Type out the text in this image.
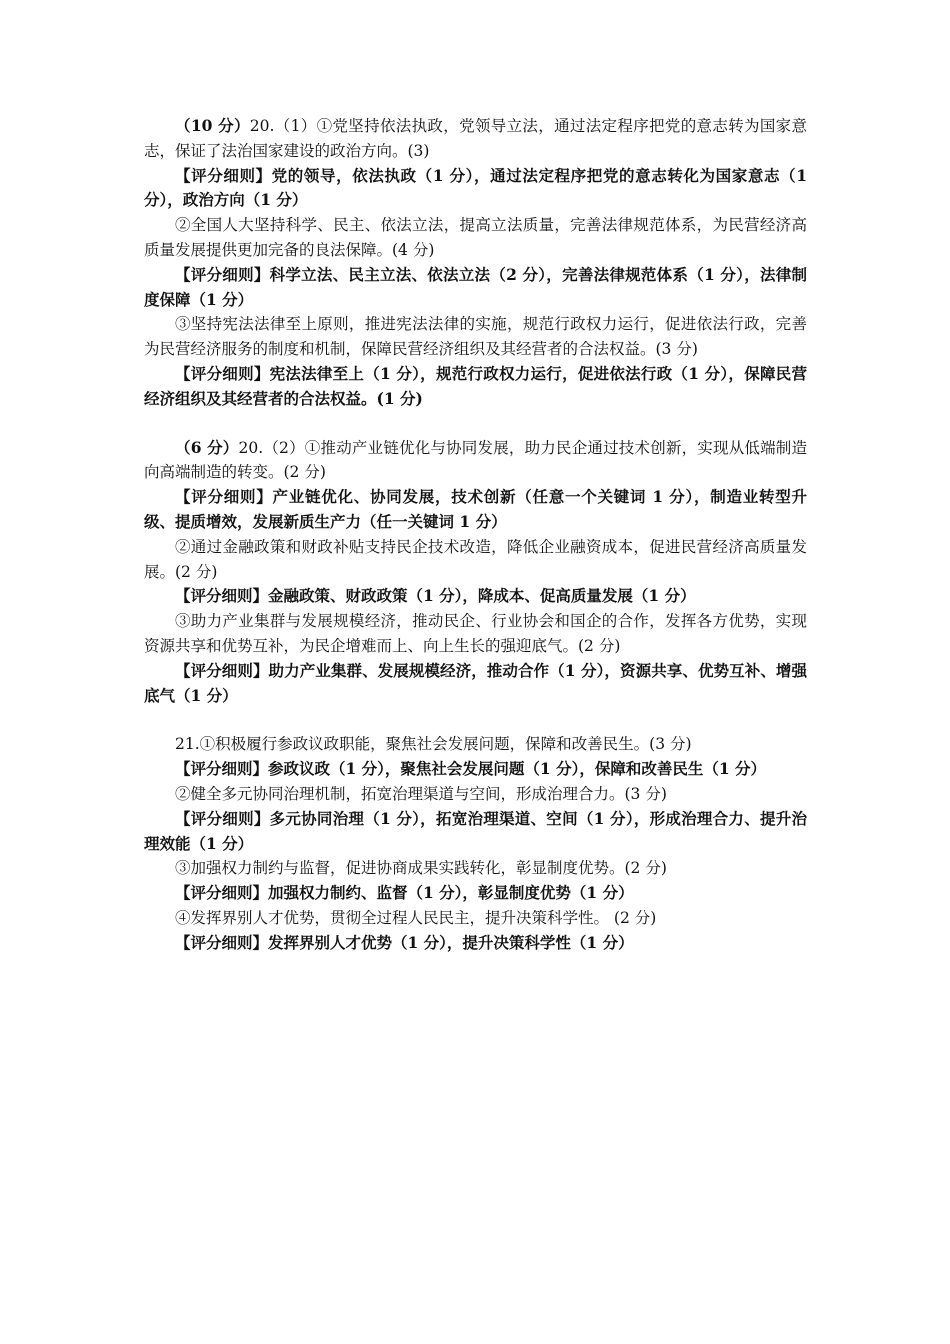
（10 分）20.（1）①党坚持依法执政，党领导立法，通过法定程序把党的意志转为国家意志，保证了法治国家建设的政治方向。(3)

【评分细则】党的领导，依法执政（1 分），通过法定程序把党的意志转化为国家意志（1 分），政治方向（1 分）

②全国人大坚持科学、民主、依法立法，提高立法质量，完善法律规范体系，为民营经济高质量发展提供更加完备的良法保障。(4 分)

【评分细则】科学立法、民主立法、依法立法（2 分），完善法律规范体系（1 分），法律制度保障（1 分）

③坚持宪法法律至上原则，推进宪法法律的实施，规范行政权力运行，促进依法行政，完善为民营经济服务的制度和机制，保障民营经济组织及其经营者的合法权益。(3 分)

【评分细则】宪法法律至上（1 分），规范行政权力运行，促进依法行政（1 分），保障民营经济组织及其经营者的合法权益。(1 分)

（6 分）20.（2）①推动产业链优化与协同发展，助力民企通过技术创新，实现从低端制造向高端制造的转变。(2 分)

【评分细则】产业链优化、协同发展，技术创新（任意一个关键词 1 分），制造业转型升级、提质增效，发展新质生产力（任一关键词 1 分）

②通过金融政策和财政补贴支持民企技术改造，降低企业融资成本，促进民营经济高质量发展。(2 分)

【评分细则】金融政策、财政政策（1 分），降成本、促高质量发展（1 分）

③助力产业集群与发展规模经济，推动民企、行业协会和国企的合作，发挥各方优势，实现资源共享和优势互补，为民企增难而上、向上生长的强迎底气。(2 分)

【评分细则】助力产业集群、发展规模经济，推动合作（1 分），资源共享、优势互补、增强底气（1 分）

21.①积极履行参政议政职能，聚焦社会发展问题，保障和改善民生。(3 分)

【评分细则】参政议政（1 分），聚焦社会发展问题（1 分），保障和改善民生（1 分）

②健全多元协同治理机制，拓宽治理渠道与空间，形成治理合力。(3 分)

【评分细则】多元协同治理（1 分），拓宽治理渠道、空间（1 分），形成治理合力、提升治理效能（1 分）

③加强权力制约与监督，促进协商成果实践转化，彰显制度优势。(2 分)

【评分细则】加强权力制约、监督（1 分），彰显制度优势（1 分）

④发挥界别人才优势，贯彻全过程人民民主，提升决策科学性。 (2 分)

【评分细则】发挥界别人才优势（1 分），提升决策科学性（1 分）
